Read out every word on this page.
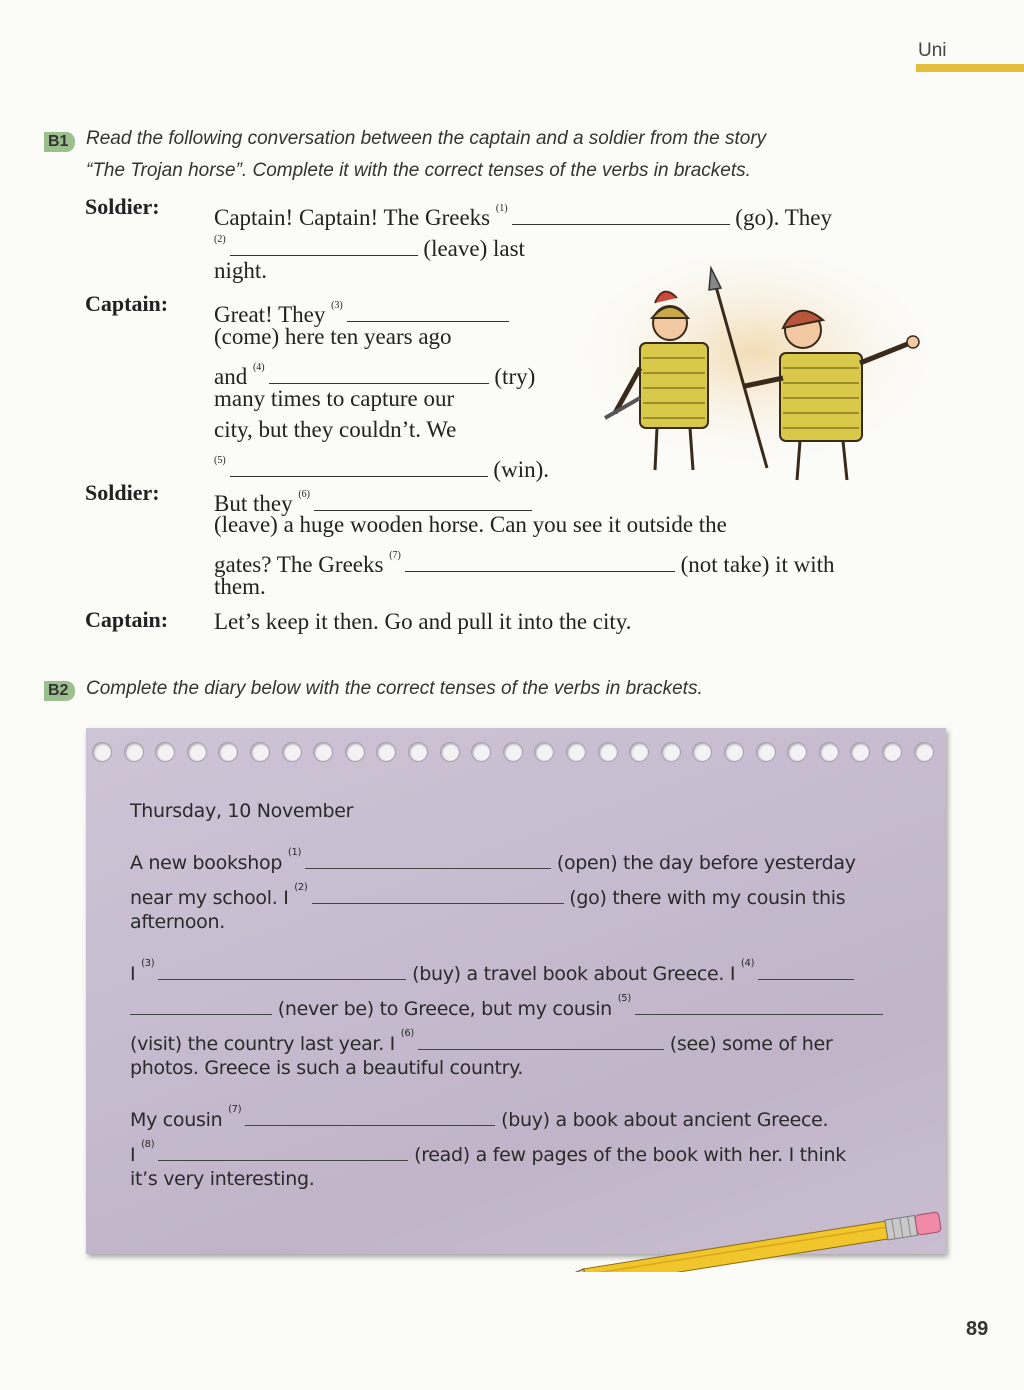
Uni
B1 Read the following conversation between the captain and a soldier from the story
“The Trojan horse”. Complete it with the correct tenses of the verbs in brackets.
Soldier: Captain! Captain! The Greeks $^{(1)}$	(go). They
$^{(2)}$	(leave) last
night.
Captain: Great! They $^{(3)}$
(come) here ten years ago
and $^{(4)}$	(try)
many times to capture our
city, but they couldn’t. We
$^{(5)}$	(win).
Soldier: But they $^{(6)}$
(leave) a huge wooden horse. Can you see it outside the
gates? The Greeks $^{(7)}$	(not take) it with
them.
Captain: Let’s keep it then. Go and pull it into the city.
B2 Complete the diary below with the correct tenses of the verbs in brackets.
Thursday, 10 November
A new bookshop $^{(1)}$	(open) the day before yesterday
near my school. I $^{(2)}$	(go) there with my cousin this
afternoon.
I $^{(3)}$	(buy) a travel book about Greece. I $^{(4)}$
(never be) to Greece, but my cousin $^{(5)}$
(visit) the country last year. I $^{(6)}$	(see) some of her
photos. Greece is such a beautiful country.
My cousin $^{(7)}$	(buy) a book about ancient Greece.
I $^{(8)}$	(read) a few pages of the book with her. I think
it’s very interesting.
89
